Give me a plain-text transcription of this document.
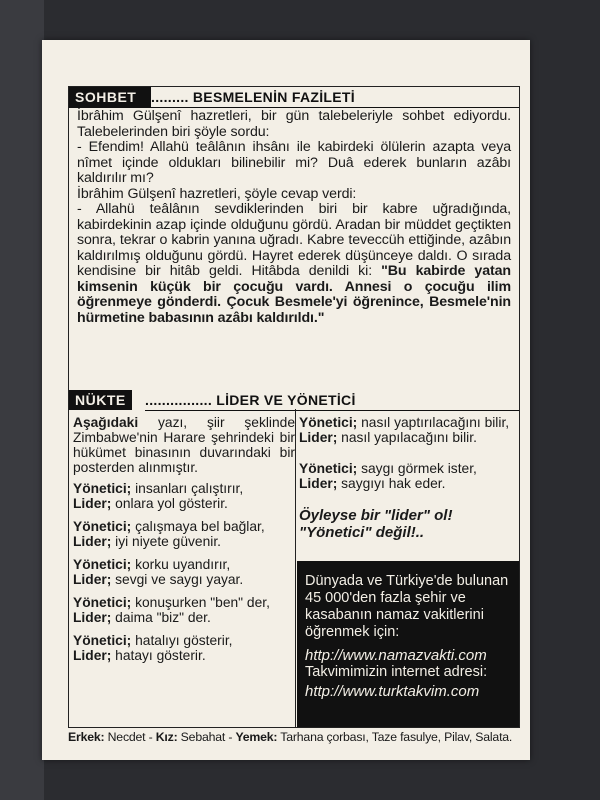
SOHBET	......... BESMELENİN FAZİLETİ

İbrâhim Gülşenî hazretleri, bir gün talebeleriyle sohbet ediyordu. Talebelerinden biri şöyle sordu:

- Efendim! Allahü teâlânın ihsânı ile kabirdeki ölülerin azapta veya nîmet içinde oldukları bilinebilir mi? Duâ ederek bunların azâbı kaldırılır mı?

İbrâhim Gülşenî hazretleri, şöyle cevap verdi:

- Allahü teâlânın sevdiklerinden biri bir kabre uğradığında, kabirdekinin azap içinde olduğunu gördü. Aradan bir müddet geçtikten sonra, tekrar o kabrin yanına uğradı. Kabre teveccüh ettiğinde, azâbın kaldırılmış olduğunu gördü. Hayret ederek düşünceye daldı. O sırada kendisine bir hitâb geldi. Hitâbda denildi ki: "Bu kabirde yatan kimsenin küçük bir çocuğu vardı. Annesi o çocuğu ilim öğrenmeye gönderdi. Çocuk Besmele'yi öğrenince, Besmele'nin hürmetine babasının azâbı kaldırıldı."

NÜKTE	................ LİDER VE YÖNETİCİ
Aşağıdaki yazı, şiir şeklinde Zimbabwe'nin Harare şehrindeki bir hükümet binasının duvarındaki bir posterden alınmıştır.
Yönetici; insanları çalıştırır,
Lider; onlara yol gösterir.
Yönetici; çalışmaya bel bağlar,
Lider; iyi niyete güvenir.
Yönetici; korku uyandırır,
Lider; sevgi ve saygı yayar.
Yönetici; konuşurken "ben" der,
Lider; daima "biz" der.
Yönetici; hatalıyı gösterir,
Lider; hatayı gösterir.
Yönetici; nasıl yaptırılacağını bilir,
Lider; nasıl yapılacağını bilir.
Yönetici; saygı görmek ister,
Lider; saygıyı hak eder.
Öyleyse bir "lider" ol!
"Yönetici" değil!..
Dünyada ve Türkiye'de bulunan 45 000'den fazla şehir ve kasabanın namaz vakitlerini öğrenmek için:
http://www.namazvakti.com
Takvimimizin internet adresi:
http://www.turktakvim.com
Erkek: Necdet - Kız: Sebahat - Yemek: Tarhana çorbası, Taze fasulye, Pilav, Salata.
